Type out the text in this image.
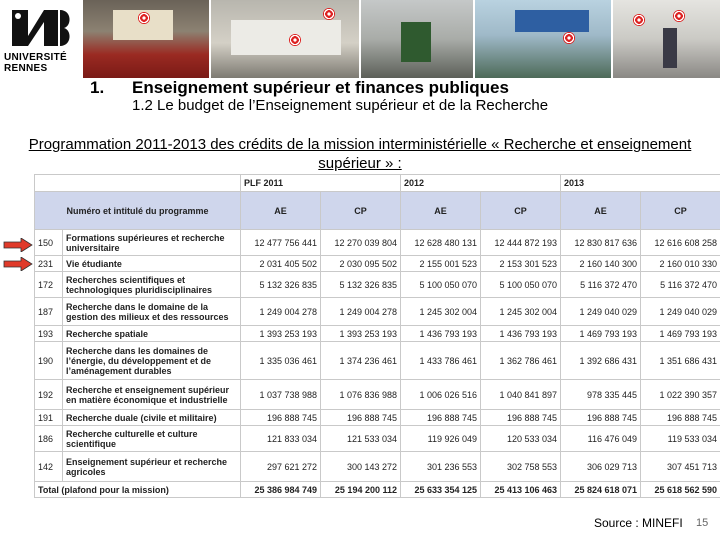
UNIVERSITÉ
RENNES
1. Enseignement supérieur et finances publiques
1.2 Le budget de l’Enseignement supérieur et de la Recherche
Programmation 2011-2013 des crédits de la mission interministérielle « Recherche et enseignement supérieur » :
		PLF 2011		2012		2013	
Numéro et intitulé du programme		AE	CP	AE	CP	AE	CP
150	Formations supérieures et recherche universitaire	12 477 756 441	12 270 039 804	12 628 480 131	12 444 872 193	12 830 817 636	12 616 608 258
231	Vie étudiante	2 031 405 502	2 030 095 502	2 155 001 523	2 153 301 523	2 160 140 300	2 160 010 330
172	Recherches scientifiques et technologiques pluridisciplinaires	5 132 326 835	5 132 326 835	5 100 050 070	5 100 050 070	5 116 372 470	5 116 372 470
187	Recherche dans le domaine de la gestion des milieux et des ressources	1 249 004 278	1 249 004 278	1 245 302 004	1 245 302 004	1 249 040 029	1 249 040 029
193	Recherche spatiale	1 393 253 193	1 393 253 193	1 436 793 193	1 436 793 193	1 469 793 193	1 469 793 193
190	Recherche dans les domaines de l’énergie, du développement et de l’aménagement durables	1 335 036 461	1 374 236 461	1 433 786 461	1 362 786 461	1 392 686 431	1 351 686 431
192	Recherche et enseignement supérieur en matière économique et industrielle	1 037 738 988	1 076 836 988	1 006 026 516	1 040 841 897	978 335 445	1 022 390 357
191	Recherche duale (civile et militaire)	196 888 745	196 888 745	196 888 745	196 888 745	196 888 745	196 888 745
186	Recherche culturelle et culture scientifique	121 833 034	121 533 034	119 926 049	120 533 034	116 476 049	119 533 034
142	Enseignement supérieur et recherche agricoles	297 621 272	300 143 272	301 236 553	302 758 553	306 029 713	307 451 713
Total (plafond pour la mission)		25 386 984 749	25 194 200 112	25 633 354 125	25 413 106 463	25 824 618 071	25 618 562 590
Source : MINEFI 15
